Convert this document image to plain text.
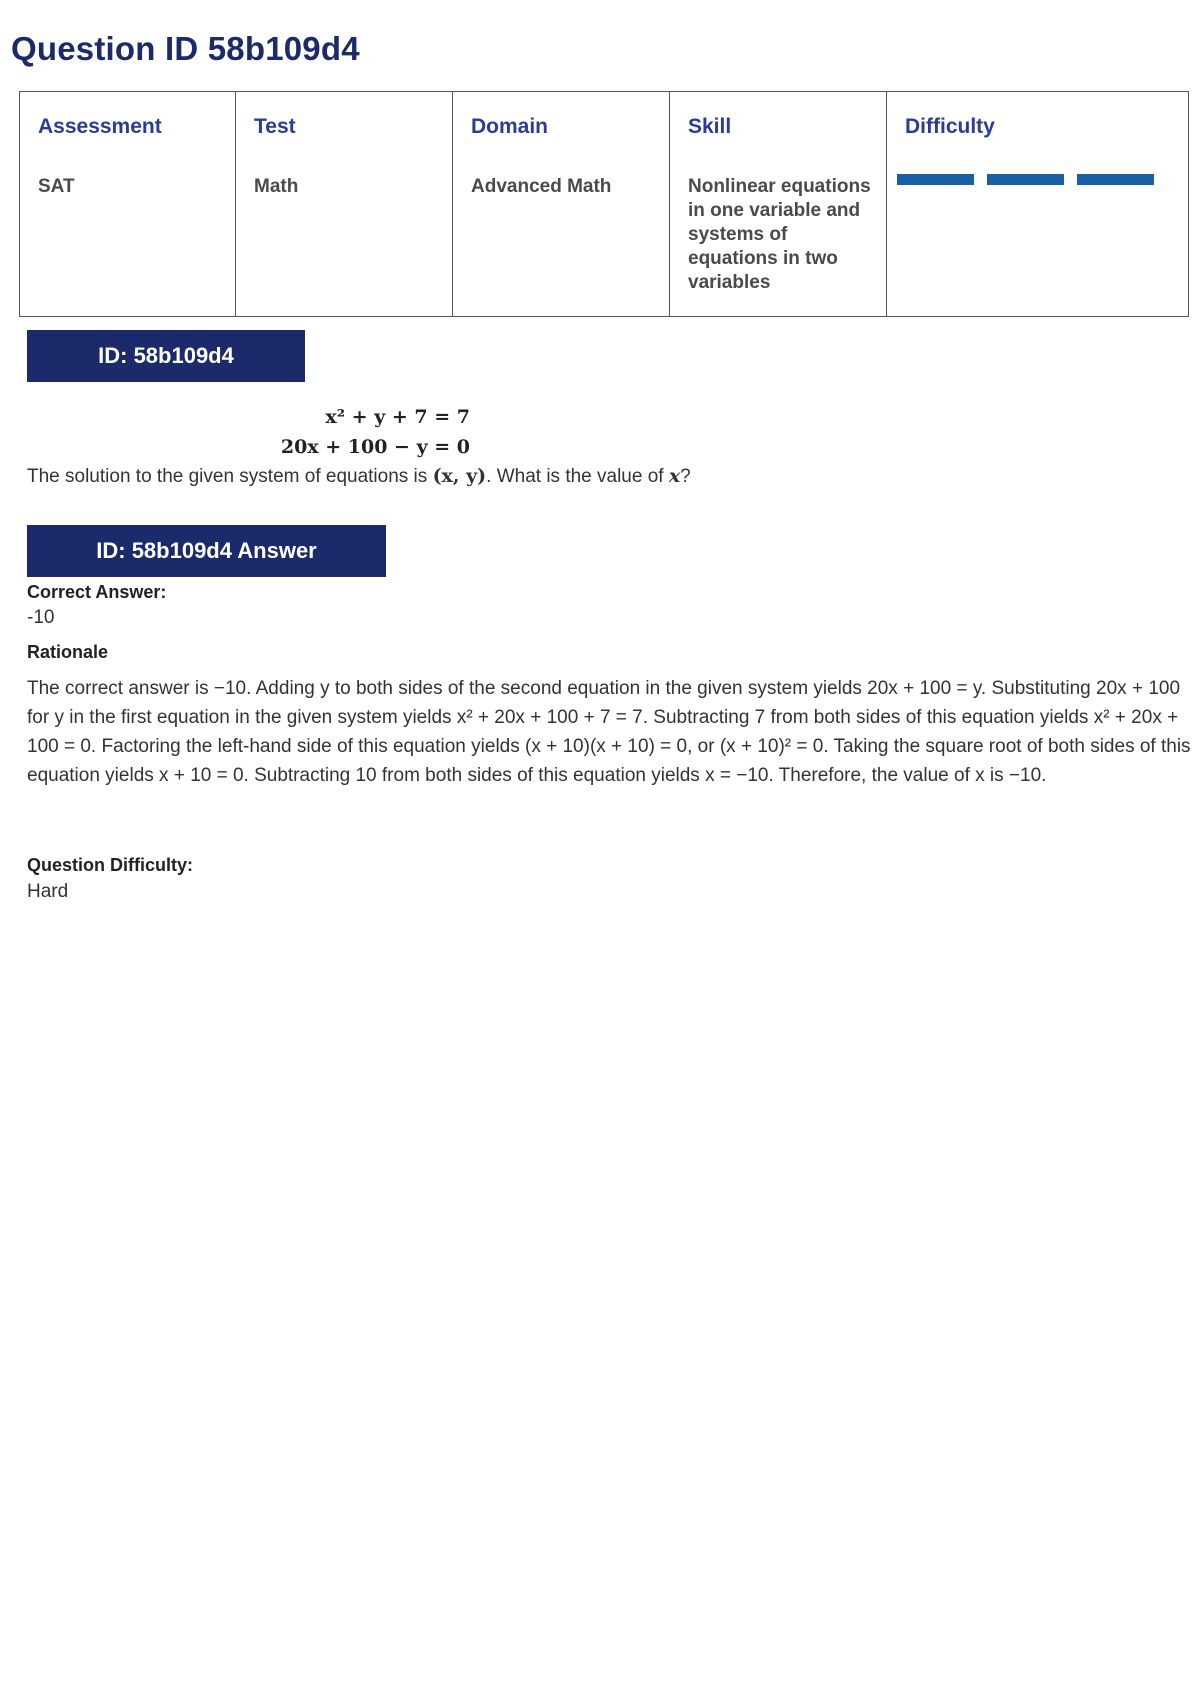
Question ID 58b109d4
Assessment
SAT

Test
Math

Domain
Advanced Math

Skill
Nonlinear equations in one variable and systems of equations in two variables

Difficulty
ID: 58b109d4
x² + y + 7 = 7
20x + 100 − y = 0
The solution to the given system of equations is (x, y). What is the value of x?
ID: 58b109d4 Answer
Correct Answer:
-10
Rationale
The correct answer is −10. Adding y to both sides of the second equation in the given system yields 20x + 100 = y. Substituting 20x + 100 for y in the first equation in the given system yields x² + 20x + 100 + 7 = 7. Subtracting 7 from both sides of this equation yields x² + 20x + 100 = 0. Factoring the left-hand side of this equation yields (x + 10)(x + 10) = 0, or (x + 10)² = 0. Taking the square root of both sides of this equation yields x + 10 = 0. Subtracting 10 from both sides of this equation yields x = −10. Therefore, the value of x is −10.
Question Difficulty:
Hard
